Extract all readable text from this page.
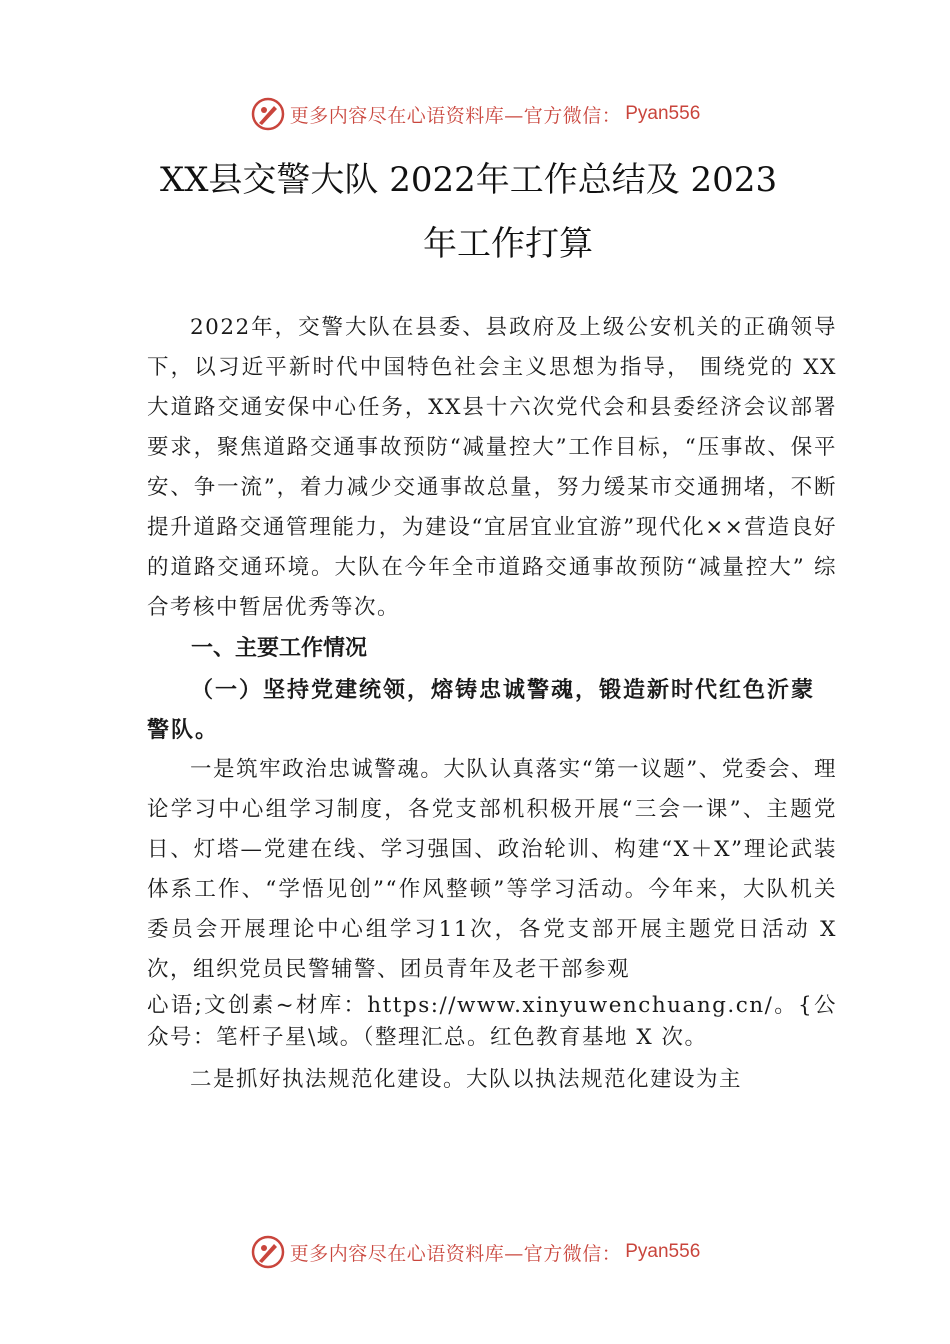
更多内容尽在心语资料库—官方微信： Pyan556
XX县交警大队 2022年工作总结及 2023
年工作打算

2022年，交警大队在县委、县政府及上级公安机关的正确领导下，以习近平新时代中国特色社会主义思想为指导， 围绕党的 XX大道路交通安保中心任务，XX县十六次党代会和县委经济会议部署要求，聚焦道路交通事故预防“减量控大”工作目标，“压事故、保平安、争一流”，着力减少交通事故总量，努力缓某市交通拥堵，不断提升道路交通管理能力，为建设“宜居宜业宜游”现代化××营造良好的道路交通环境。大队在今年全市道路交通事故预防“减量控大” 综合考核中暂居优秀等次。

一、主要工作情况
（一）坚持党建统领，熔铸忠诚警魂，锻造新时代红色沂蒙警队。

一是筑牢政治忠诚警魂。大队认真落实“第一议题”、党委会、理论学习中心组学习制度，各党支部机积极开展“三会一课”、主题党日、灯塔—党建在线、学习强国、政治轮训、构建“X＋X”理论武装体系工作、“学悟见创”“作风整顿”等学习活动。今年来，大队机关委员会开展理论中心组学习11次，各党支部开展主题党日活动 X次，组织党员民警辅警、团员青年及老干部参观

心语;文创素~材库：https://www.xinyuwenchuang.cn/。{公众号：笔杆子星\域。（整理汇总。红色教育基地 X 次。

二是抓好执法规范化建设。大队以执法规范化建设为主

更多内容尽在心语资料库—官方微信： Pyan556
